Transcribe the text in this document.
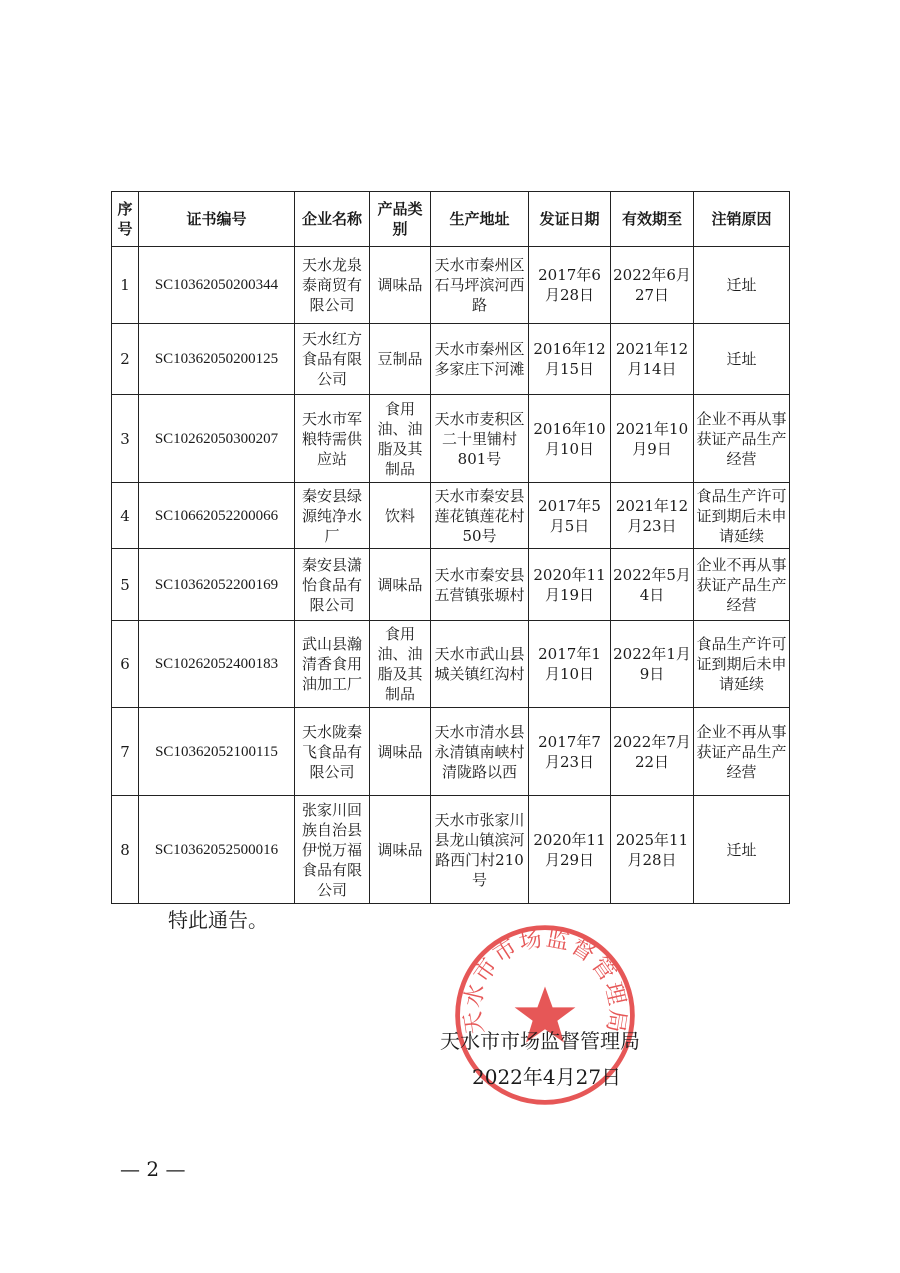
序号	证书编号	企业名称	产品类别	生产地址	发证日期	有效期至	注销原因
1	SC10362050200344	天水龙泉泰商贸有限公司	调味品	天水市秦州区石马坪滨河西路	2017年6月28日	2022年6月27日	迁址
2	SC10362050200125	天水红方食品有限公司	豆制品	天水市秦州区多家庄下河滩	2016年12月15日	2021年12月14日	迁址
3	SC10262050300207	天水市军粮特需供应站	食用油、油脂及其制品	天水市麦积区二十里铺村801号	2016年10月10日	2021年10月9日	企业不再从事获证产品生产经营
4	SC10662052200066	秦安县绿源纯净水厂	饮料	天水市秦安县莲花镇莲花村50号	2017年5月5日	2021年12月23日	食品生产许可证到期后未申请延续
5	SC10362052200169	秦安县潇怡食品有限公司	调味品	天水市秦安县五营镇张塬村	2020年11月19日	2022年5月4日	企业不再从事获证产品生产经营
6	SC10262052400183	武山县瀚清香食用油加工厂	食用油、油脂及其制品	天水市武山县城关镇红沟村	2017年1月10日	2022年1月9日	食品生产许可证到期后未申请延续
7	SC10362052100115	天水陇秦飞食品有限公司	调味品	天水市清水县永清镇南峡村清陇路以西	2017年7月23日	2022年7月22日	企业不再从事获证产品生产经营
8	SC10362052500016	张家川回族自治县伊悦万福食品有限公司	调味品	天水市张家川县龙山镇滨河路西门村210号	2020年11月29日	2025年11月28日	迁址
特此通告。
天水市市场监督管理局
天水市市场监督管理局
2022年4月27日
— 2 —
